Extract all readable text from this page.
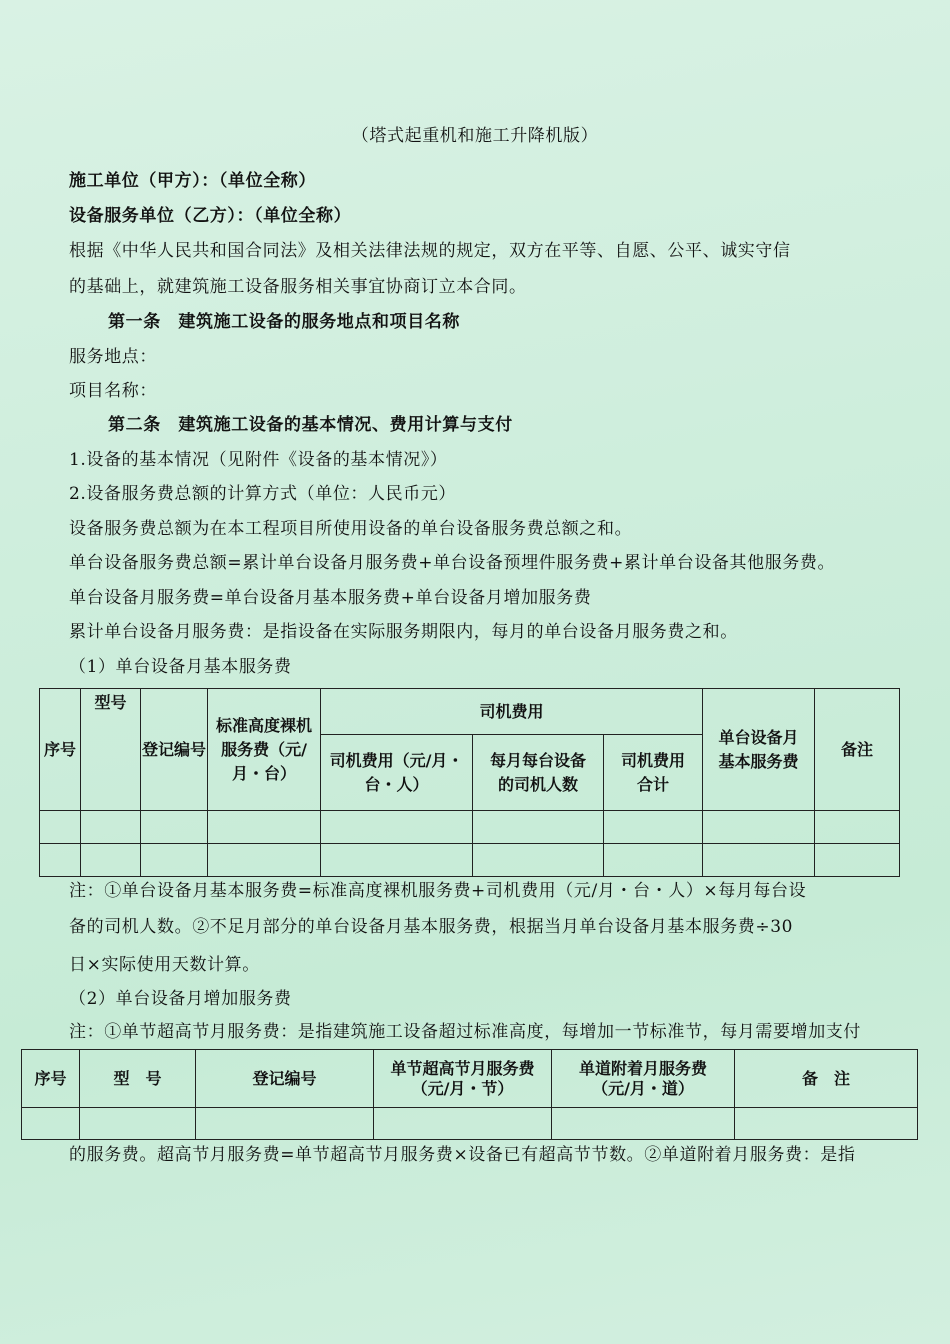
（塔式起重机和施工升降机版）
施工单位（甲方）：（单位全称）
设备服务单位（乙方）：（单位全称）
根据《中华人民共和国合同法》及相关法律法规的规定，双方在平等、自愿、公平、诚实守信
的基础上，就建筑施工设备服务相关事宜协商订立本合同。
第一条　建筑施工设备的服务地点和项目名称
服务地点：
项目名称：
第二条　建筑施工设备的基本情况、费用计算与支付
1.设备的基本情况（见附件《设备的基本情况》）
2.设备服务费总额的计算方式（单位：人民币元）
设备服务费总额为在本工程项目所使用设备的单台设备服务费总额之和。
单台设备服务费总额=累计单台设备月服务费+单台设备预埋件服务费+累计单台设备其他服务费。
单台设备月服务费=单台设备月基本服务费+单台设备月增加服务费
累计单台设备月服务费：是指设备在实际服务期限内，每月的单台设备月服务费之和。
（1）单台设备月基本服务费
序号	型号	登记编号	标准高度裸机服务费（元/月・台）	司机费用			单台设备月基本服务费	备注
				司机费用（元/月・台・人）	每月每台设备的司机人数	司机费用合计		

注：①单台设备月基本服务费=标准高度裸机服务费+司机费用（元/月・台・人）×每月每台设
备的司机人数。②不足月部分的单台设备月基本服务费，根据当月单台设备月基本服务费÷30
日×实际使用天数计算。
（2）单台设备月增加服务费
注：①单节超高节月服务费：是指建筑施工设备超过标准高度，每增加一节标准节，每月需要增加支付
序号	型　号	登记编号	单节超高节月服务费（元/月・节）	单道附着月服务费（元/月・道）	备　注

的服务费。超高节月服务费=单节超高节月服务费×设备已有超高节节数。②单道附着月服务费：是指
